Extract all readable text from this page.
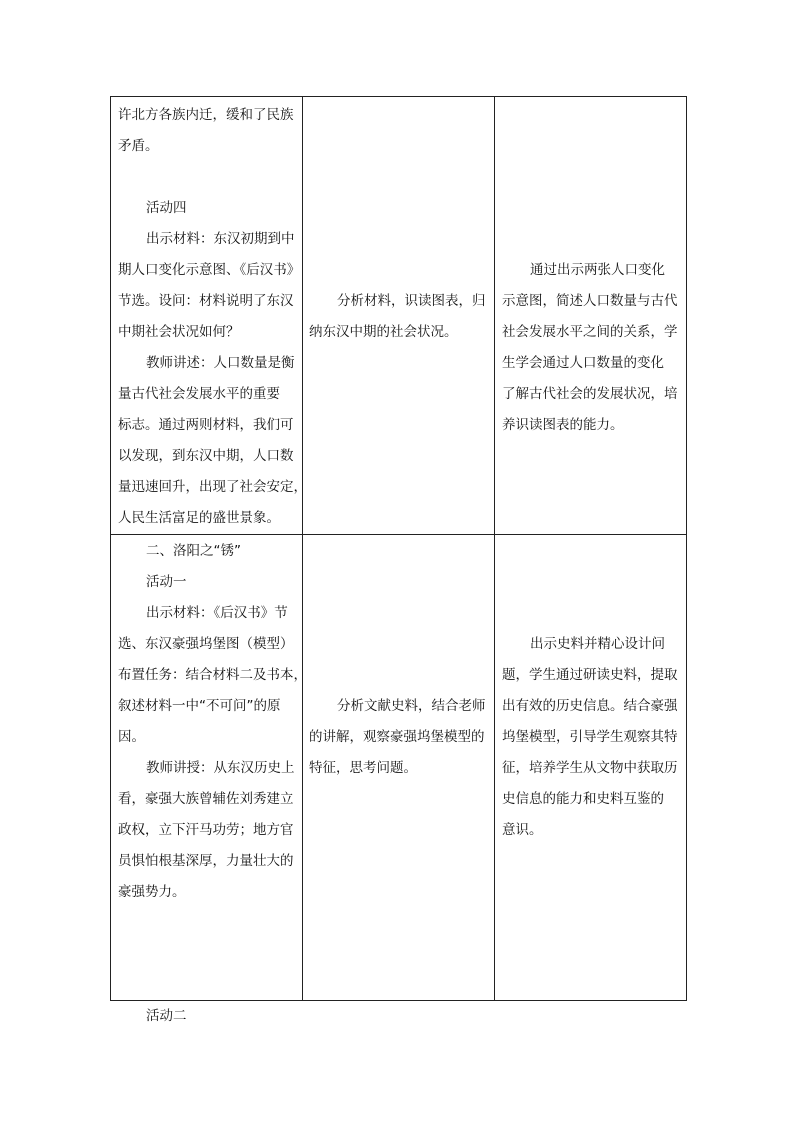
许北方各族内迁，缓和了民族

矛盾。

活动四

出示材料：东汉初期到中

期人口变化示意图、《后汉书》

节选。设问：材料说明了东汉

中期社会状况如何？

教师讲述：人口数量是衡

量古代社会发展水平的重要

标志。通过两则材料，我们可

以发现，到东汉中期，人口数

量迅速回升，出现了社会安定，

人民生活富足的盛世景象。

分析材料，识读图表，归

纳东汉中期的社会状况。

通过出示两张人口变化

示意图，简述人口数量与古代

社会发展水平之间的关系，学

生学会通过人口数量的变化

了解古代社会的发展状况，培

养识读图表的能力。

二、洛阳之“锈”

活动一

出示材料：《后汉书》节

选、东汉豪强坞堡图（模型）

布置任务：结合材料二及书本，

叙述材料一中“不可问”的原

因。

教师讲授：从东汉历史上

看，豪强大族曾辅佐刘秀建立

政权，立下汗马功劳；地方官

员惧怕根基深厚，力量壮大的

豪强势力。

活动二

分析文献史料，结合老师

的讲解，观察豪强坞堡模型的

特征，思考问题。

出示史料并精心设计问

题，学生通过研读史料，提取

出有效的历史信息。结合豪强

坞堡模型，引导学生观察其特

征，培养学生从文物中获取历

史信息的能力和史料互鉴的

意识。
